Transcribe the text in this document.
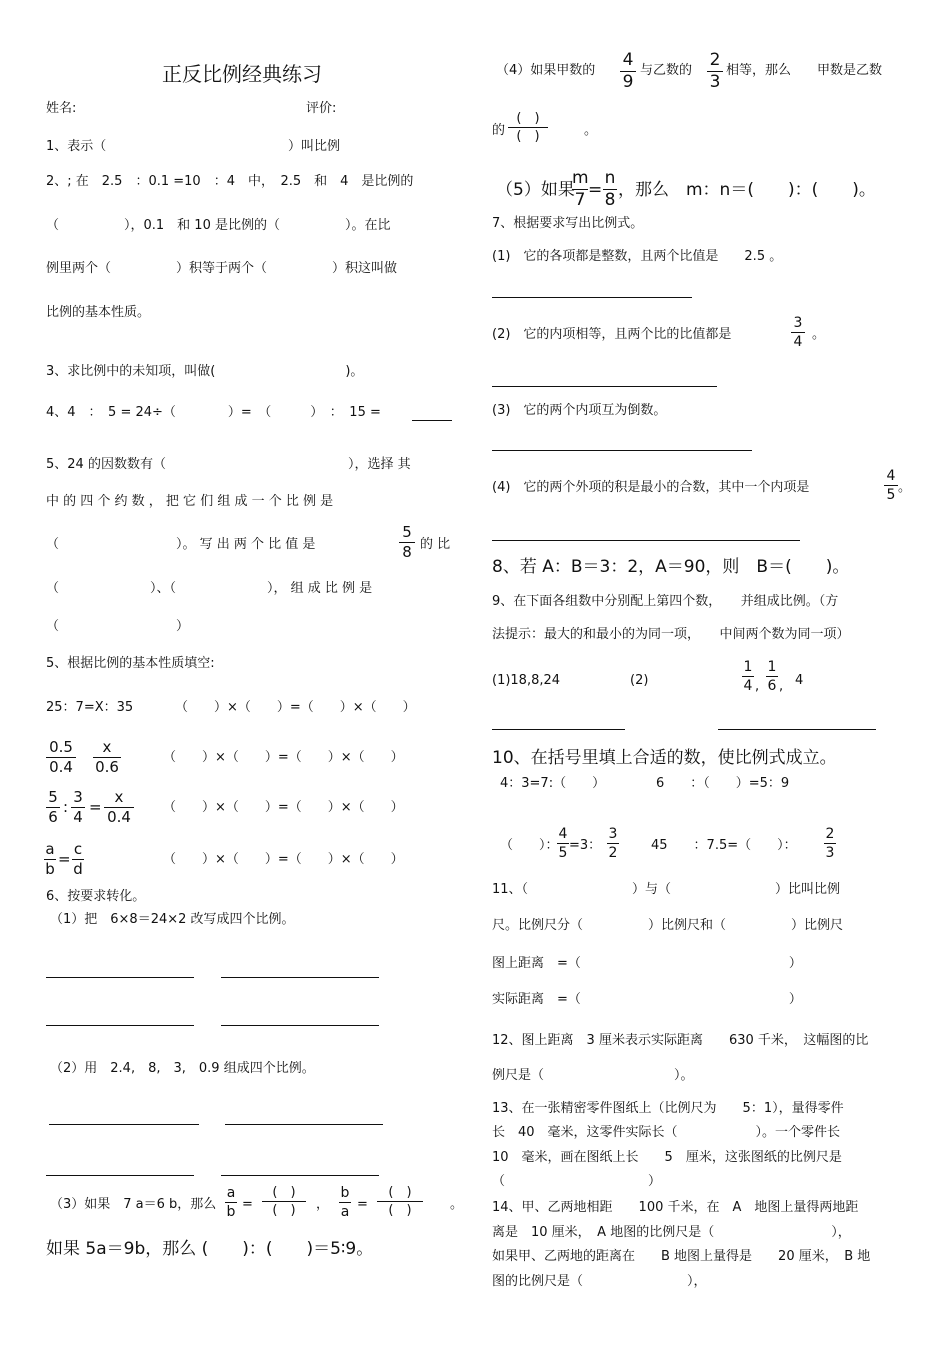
正反比例经典练习
姓名:	评价:
1、表示（	）叫比例
2、; 在　2.5　：0.1 =10　：4　中，　2.5　和　4　是比例的
（　　　　　），0.1　和 10 是比例的（　　　　　）。在比
例里两个（　　　　　）积等于两个（　　　　　）积这叫做
比例的基本性质。
3、求比例中的未知项，叫做(　　　　　　　　　　)。
4、4　：　5 = 24÷（　　　　）=　（　　　）　：　15 =
5、24 的因数数有（　　　　　　　　　　　　　　），选择 其
中 的 四 个 约 数 ， 把 它 们 组 成 一 个 比 例 是
（　　　　　　　　　）。 写 出 两 个 比 值 是
5
8 的 比
（　　　　　　　）、（　　　　　　　）， 组 成 比 例 是
（　　　　　　　　　）
5、根据比例的基本性质填空:
25：7=X：35	（　　）×（　　）=（　　）×（　　）
0.5
0.4
x
0.6
（　　）×（　　）=（　　）×（　　）
5
6
:
3
4
=
x
0.4
（　　）×（　　）=（　　）×（　　）
a
b
=
c
d
（　　）×（　　）=（　　）×（　　）
6、按要求转化。
（1）把　6×8＝24×2 改写成四个比例。
（2）用　2.4,　8,　3,　0.9 组成四个比例。
（3）如果　7 a＝6 b，那么
a
b =
(　)
(　)	，
b
a =
(　)
(　)	。
如果 5a＝9b，那么 (　　)：(　　)＝5∶9。
（4）如果甲数的
4
9
与乙数的
2
3
相等，那么　　甲数是乙数
的
(　)
(　)	。
（5）如果
m
7 =
n
8 ，那么　m：n＝(　　)：(　　)。
7、根据要求写出比例式。
(1)　它的各项都是整数，且两个比值是　　2.5 。
(2)　它的内项相等，且两个比的比值都是
3
4 。
(3)　它的两个内项互为倒数。
(4)　它的两个外项的积是最小的合数，其中一个内项是
4
5 。
8、若 A：B＝3：2，A＝90，则　B＝(　　)。
9、在下面各组数中分别配上第四个数，　　并组成比例。（方
法提示：最大的和最小的为同一项，　　中间两个数为同一项）
(1)18,8,24	(2)
1
4 ,
1
6 , 4
10、在括号里填上合适的数，使比例式成立。
4：3=7:（　　）	6　　：（　　）=5：9
（　　）：
4
5 =3：
3
2	45　　：7.5=（　　）：
2
3
11、（　　　　　　　　）与（　　　　　　　　）比叫比例
尺。比例尺分（　　　　　）比例尺和（　　　　　）比例尺
图上距离　=（　　　　　　　　　　　　　　　　）
实际距离　=（　　　　　　　　　　　　　　　　）
12、图上距离　3 厘米表示实际距离　　630 千米，　这幅图的比
例尺是（　　　　　　　　　　）。
13、在一张精密零件图纸上（比例尺为　　5：1），量得零件
长　40　毫米，这零件实际长（　　　　　　）。一个零件长
10　毫米，画在图纸上长　　5　厘米，这张图纸的比例尺是
（　　　　　　　　　　　）
14、甲、乙两地相距　　100 千米，在　A　地图上量得两地距
离是　10 厘米，　A 地图的比例尺是（　　　　　　　　　），
如果甲、乙两地的距离在　　B 地图上量得是　　20 厘米，　B 地
图的比例尺是（　　　　　　　　），
